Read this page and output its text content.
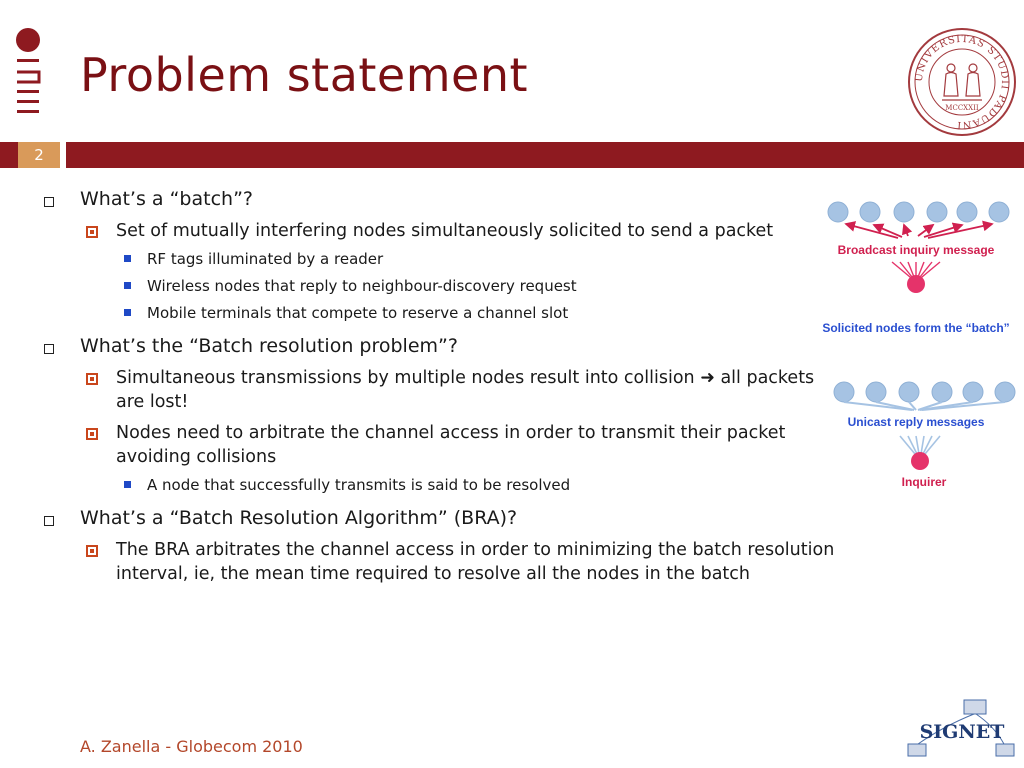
Problem statement	UNIVERSITAS STUDII PADUANI
MCCXXII
2
What’s a “batch”?
Set of mutually interfering nodes simultaneously solicited to send a packet
RF tags illuminated by a reader
Wireless nodes that reply to neighbour-discovery request
Mobile terminals that compete to reserve a channel slot
What’s the “Batch resolution problem”?
Simultaneous transmissions by multiple nodes result into collision ➜ all packets are lost!
Nodes need to arbitrate the channel access in order to transmit their packet avoiding collisions
A node that successfully transmits is said to be resolved
What’s a “Batch Resolution Algorithm” (BRA)?
The BRA arbitrates the channel access in order to minimizing the batch resolution interval, ie, the mean time required to resolve all the nodes in the batch
Broadcast inquiry message
Solicited nodes form the “batch”
Unicast reply messages
Inquirer
A. Zanella - Globecom 2010
SIGNET
